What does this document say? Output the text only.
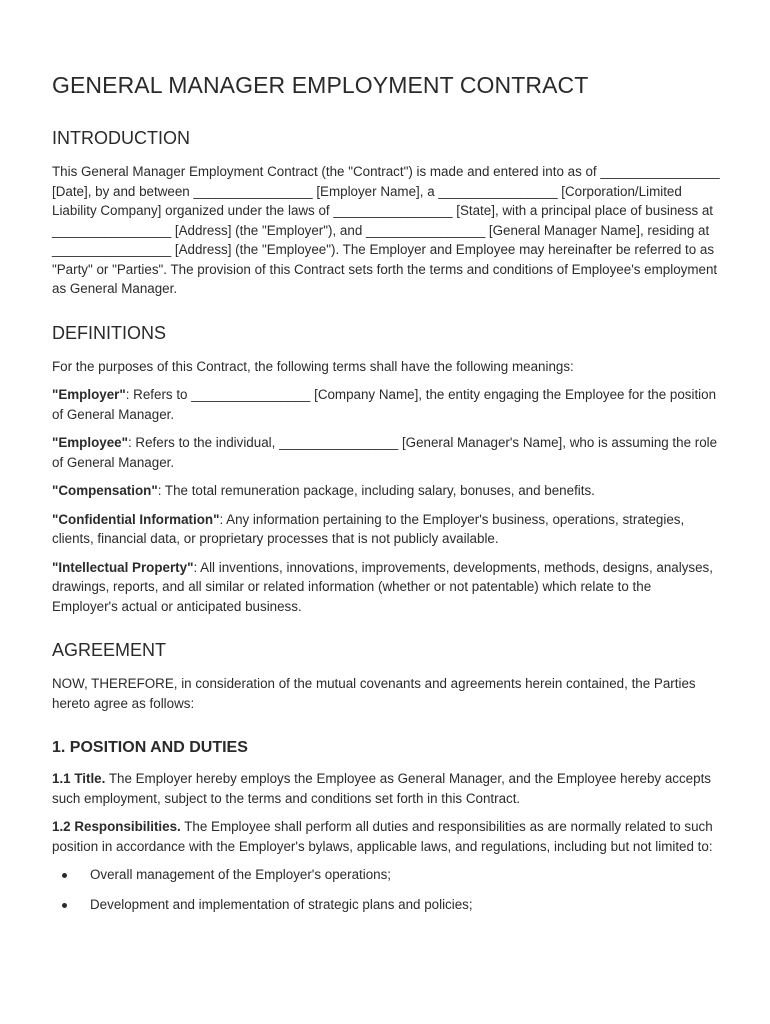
GENERAL MANAGER EMPLOYMENT CONTRACT
INTRODUCTION

This General Manager Employment Contract (the "Contract") is made and entered into as of ________________ [Date], by and between ________________ [Employer Name], a ________________ [Corporation/Limited Liability Company] organized under the laws of ________________ [State], with a principal place of business at ________________ [Address] (the "Employer"), and ________________ [General Manager Name], residing at ________________ [Address] (the "Employee"). The Employer and Employee may hereinafter be referred to as "Party" or "Parties". The provision of this Contract sets forth the terms and conditions of Employee's employment as General Manager.

DEFINITIONS

For the purposes of this Contract, the following terms shall have the following meanings:

"Employer": Refers to ________________ [Company Name], the entity engaging the Employee for the position of General Manager.

"Employee": Refers to the individual, ________________ [General Manager's Name], who is assuming the role of General Manager.

"Compensation": The total remuneration package, including salary, bonuses, and benefits.

"Confidential Information": Any information pertaining to the Employer's business, operations, strategies, clients, financial data, or proprietary processes that is not publicly available.

"Intellectual Property": All inventions, innovations, improvements, developments, methods, designs, analyses, drawings, reports, and all similar or related information (whether or not patentable) which relate to the Employer's actual or anticipated business.

AGREEMENT

NOW, THEREFORE, in consideration of the mutual covenants and agreements herein contained, the Parties hereto agree as follows:

1. POSITION AND DUTIES

1.1 Title. The Employer hereby employs the Employee as General Manager, and the Employee hereby accepts such employment, subject to the terms and conditions set forth in this Contract.

1.2 Responsibilities. The Employee shall perform all duties and responsibilities as are normally related to such position in accordance with the Employer's bylaws, applicable laws, and regulations, including but not limited to:

Overall management of the Employer's operations;
Development and implementation of strategic plans and policies;
